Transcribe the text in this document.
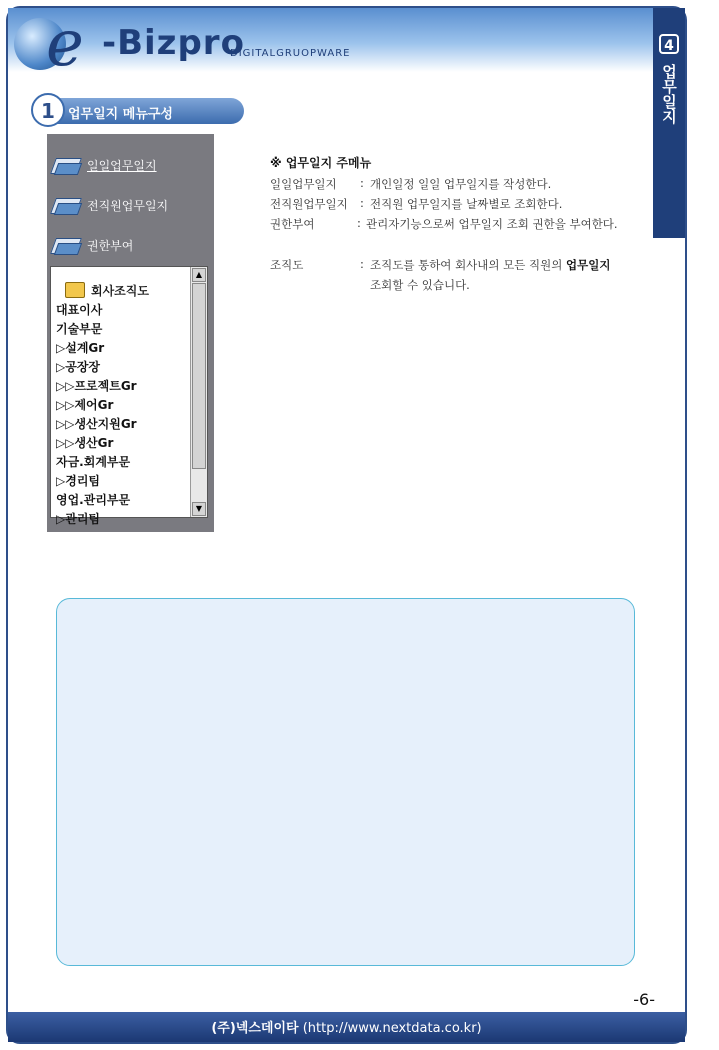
e -Bizpro
DIGITALGRUOPWARE	4
업무일지
(주)넥스데이타 (http://www.nextdata.co.kr)
1	업무일지 메뉴구성
일일업무일지
전직원업무일지
권한부여
회사조직도
대표이사
기술부문
▷설계Gr
▷공장장
▷▷프로젝트Gr
▷▷제어Gr
▷▷생산지원Gr
▷▷생산Gr
자금.회계부문
▷경리팀
영업.관리부문
▷관리팀
▲
▼
※ 업무일지 주메뉴
일일업무일지 : 개인일정 일일 업무일지를 작성한다.
전직원업무일지 : 전직원 업무일지를 날짜별로 조회한다.
권한부여	: 관리자기능으로써 업무일지 조회 권한을 부여한다.
조직도	: 조직도를 통하여 회사내의 모든 직원의 업무일지
조회할 수 있습니다.
-6-
